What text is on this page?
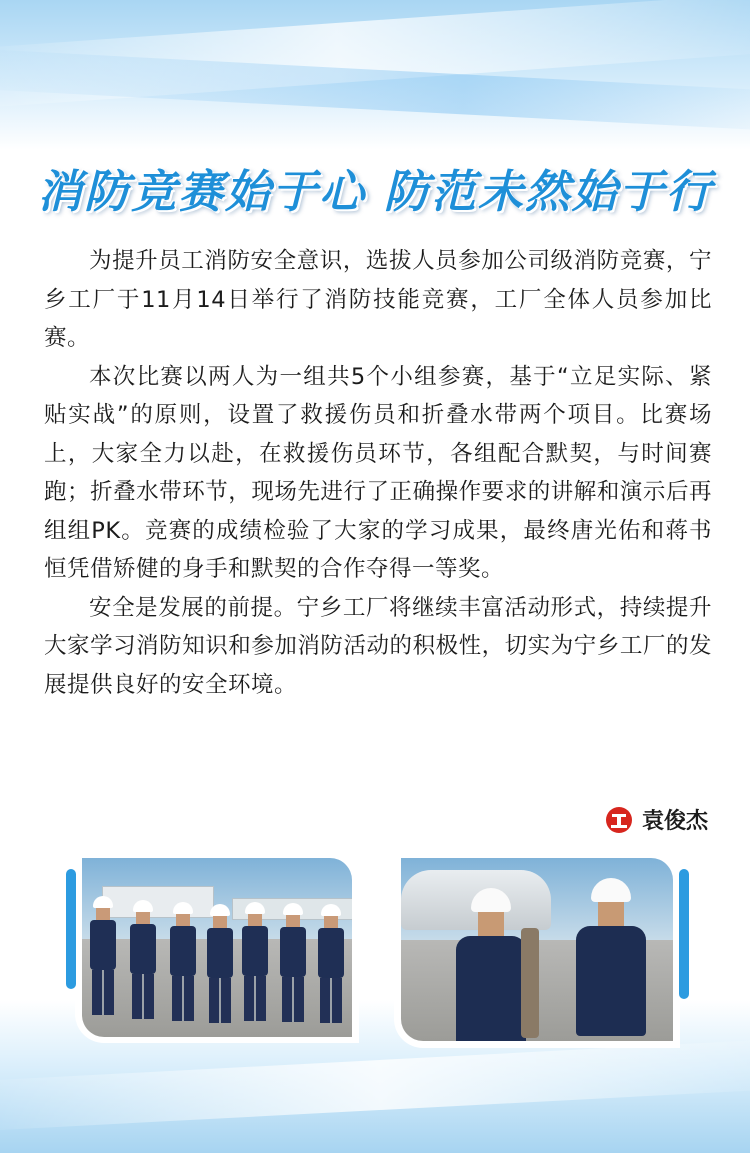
消防竞赛始于心 防范未然始于行

为提升员工消防安全意识，选拔人员参加公司级消防竞赛，宁乡工厂于11月14日举行了消防技能竞赛，工厂全体人员参加比赛。

本次比赛以两人为一组共5个小组参赛，基于“立足实际、紧贴实战”的原则，设置了救援伤员和折叠水带两个项目。比赛场上，大家全力以赴，在救援伤员环节，各组配合默契，与时间赛跑；折叠水带环节，现场先进行了正确操作要求的讲解和演示后再组组PK。竞赛的成绩检验了大家的学习成果，最终唐光佑和蒋书恒凭借矫健的身手和默契的合作夺得一等奖。

安全是发展的前提。宁乡工厂将继续丰富活动形式，持续提升大家学习消防知识和参加消防活动的积极性，切实为宁乡工厂的发展提供良好的安全环境。

袁俊杰
